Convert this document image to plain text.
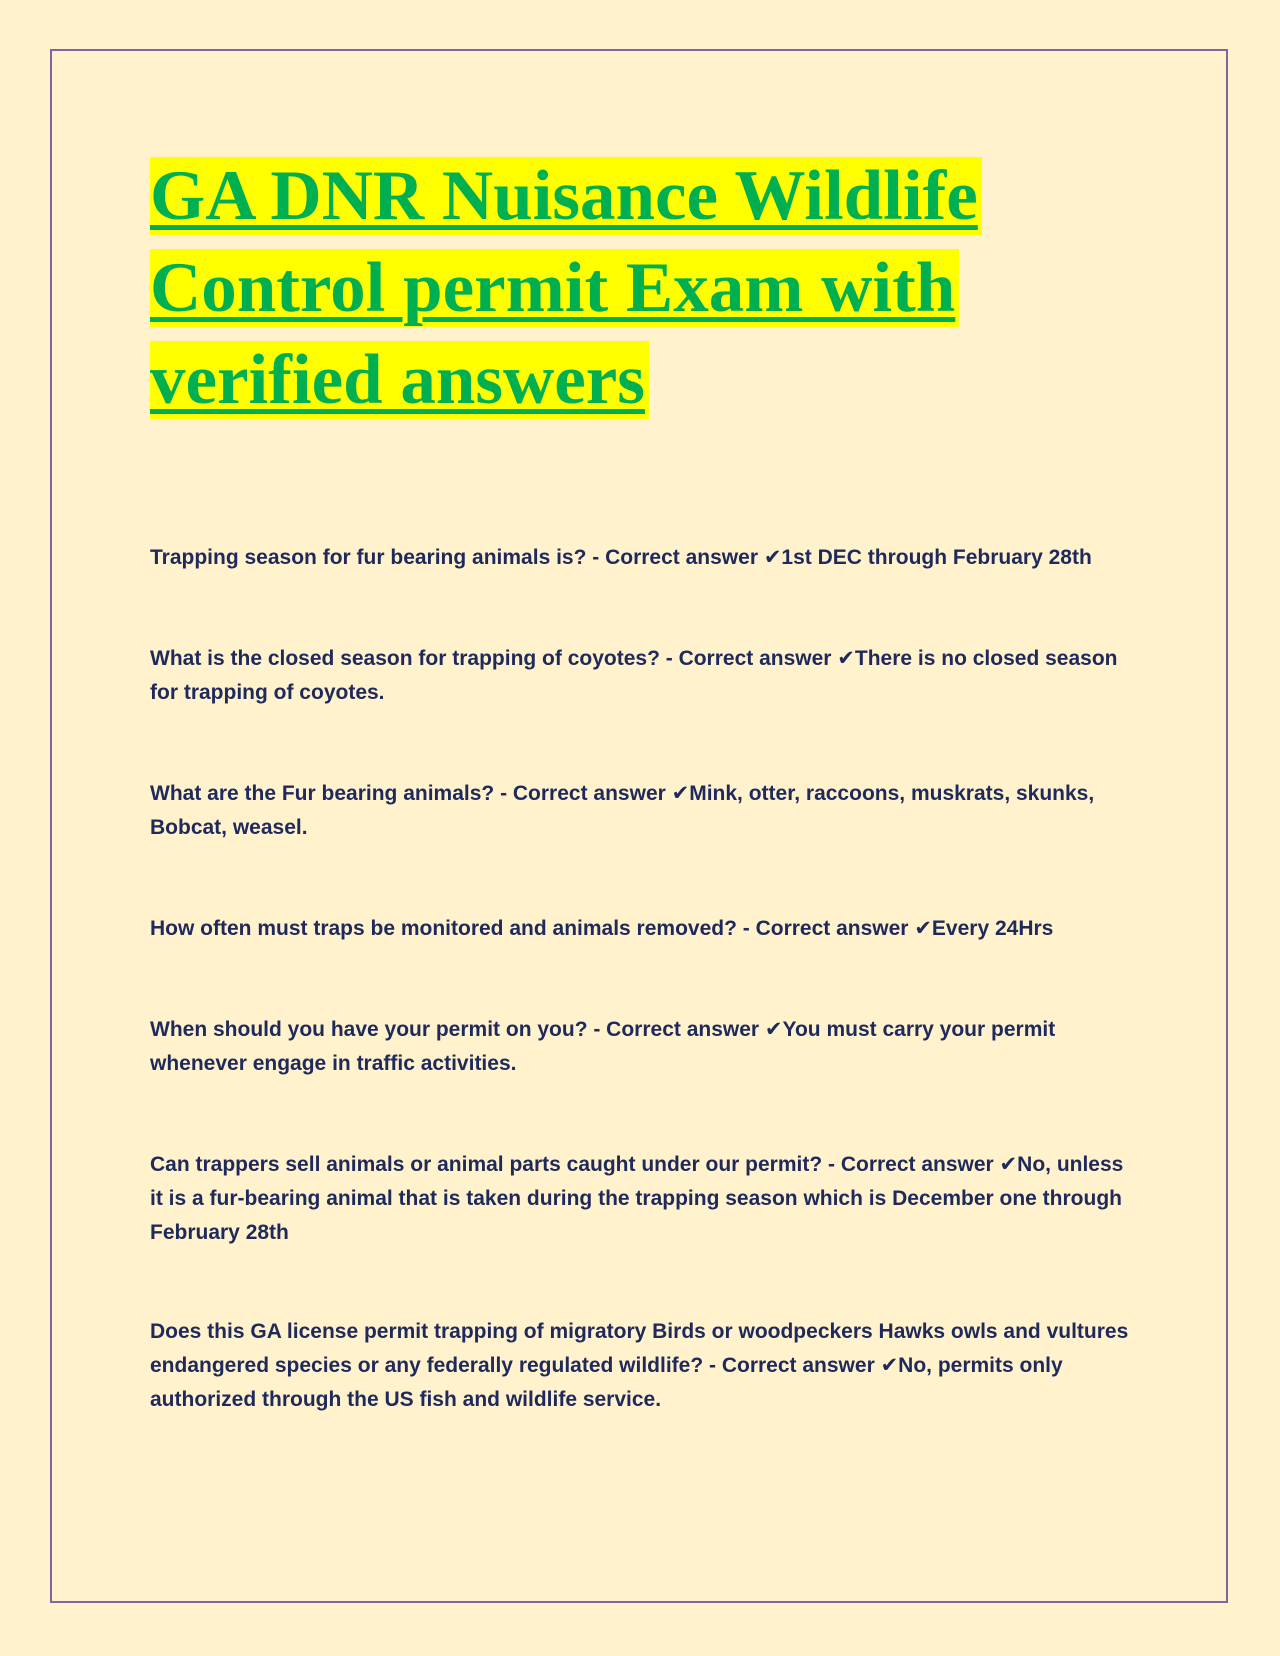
GA DNR Nuisance Wildlife
Control permit Exam with
verified answers

Trapping season for fur bearing animals is? - Correct answer ✔1st DEC through February 28th

What is the closed season for trapping of coyotes? - Correct answer ✔There is no closed season for trapping of coyotes.

What are the Fur bearing animals? - Correct answer ✔Mink, otter, raccoons, muskrats, skunks, Bobcat, weasel.

How often must traps be monitored and animals removed? - Correct answer ✔Every 24Hrs

When should you have your permit on you? - Correct answer ✔You must carry your permit whenever engage in traffic activities.

Can trappers sell animals or animal parts caught under our permit? - Correct answer ✔No, unless it is a fur-bearing animal that is taken during the trapping season which is December one through February 28th

Does this GA license permit trapping of migratory Birds or woodpeckers Hawks owls and vultures endangered species or any federally regulated wildlife? - Correct answer ✔No, permits only authorized through the US fish and wildlife service.
